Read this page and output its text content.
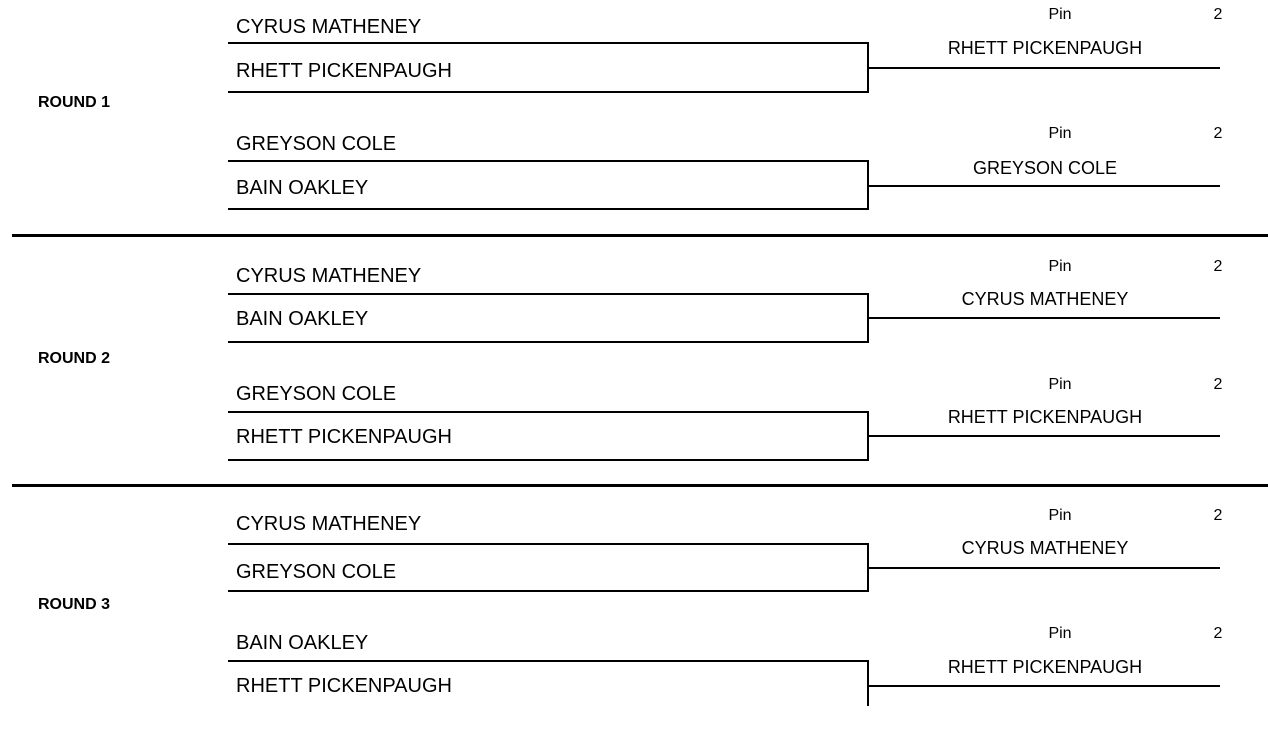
ROUND 1
CYRUS MATHENEY
RHETT PICKENPAUGH
Pin	2
RHETT PICKENPAUGH
GREYSON COLE
BAIN OAKLEY
Pin	2
GREYSON COLE
ROUND 2
CYRUS MATHENEY
BAIN OAKLEY
Pin	2
CYRUS MATHENEY
GREYSON COLE
RHETT PICKENPAUGH
Pin	2
RHETT PICKENPAUGH
ROUND 3
CYRUS MATHENEY
GREYSON COLE
Pin	2
CYRUS MATHENEY
BAIN OAKLEY
RHETT PICKENPAUGH
Pin	2
RHETT PICKENPAUGH
